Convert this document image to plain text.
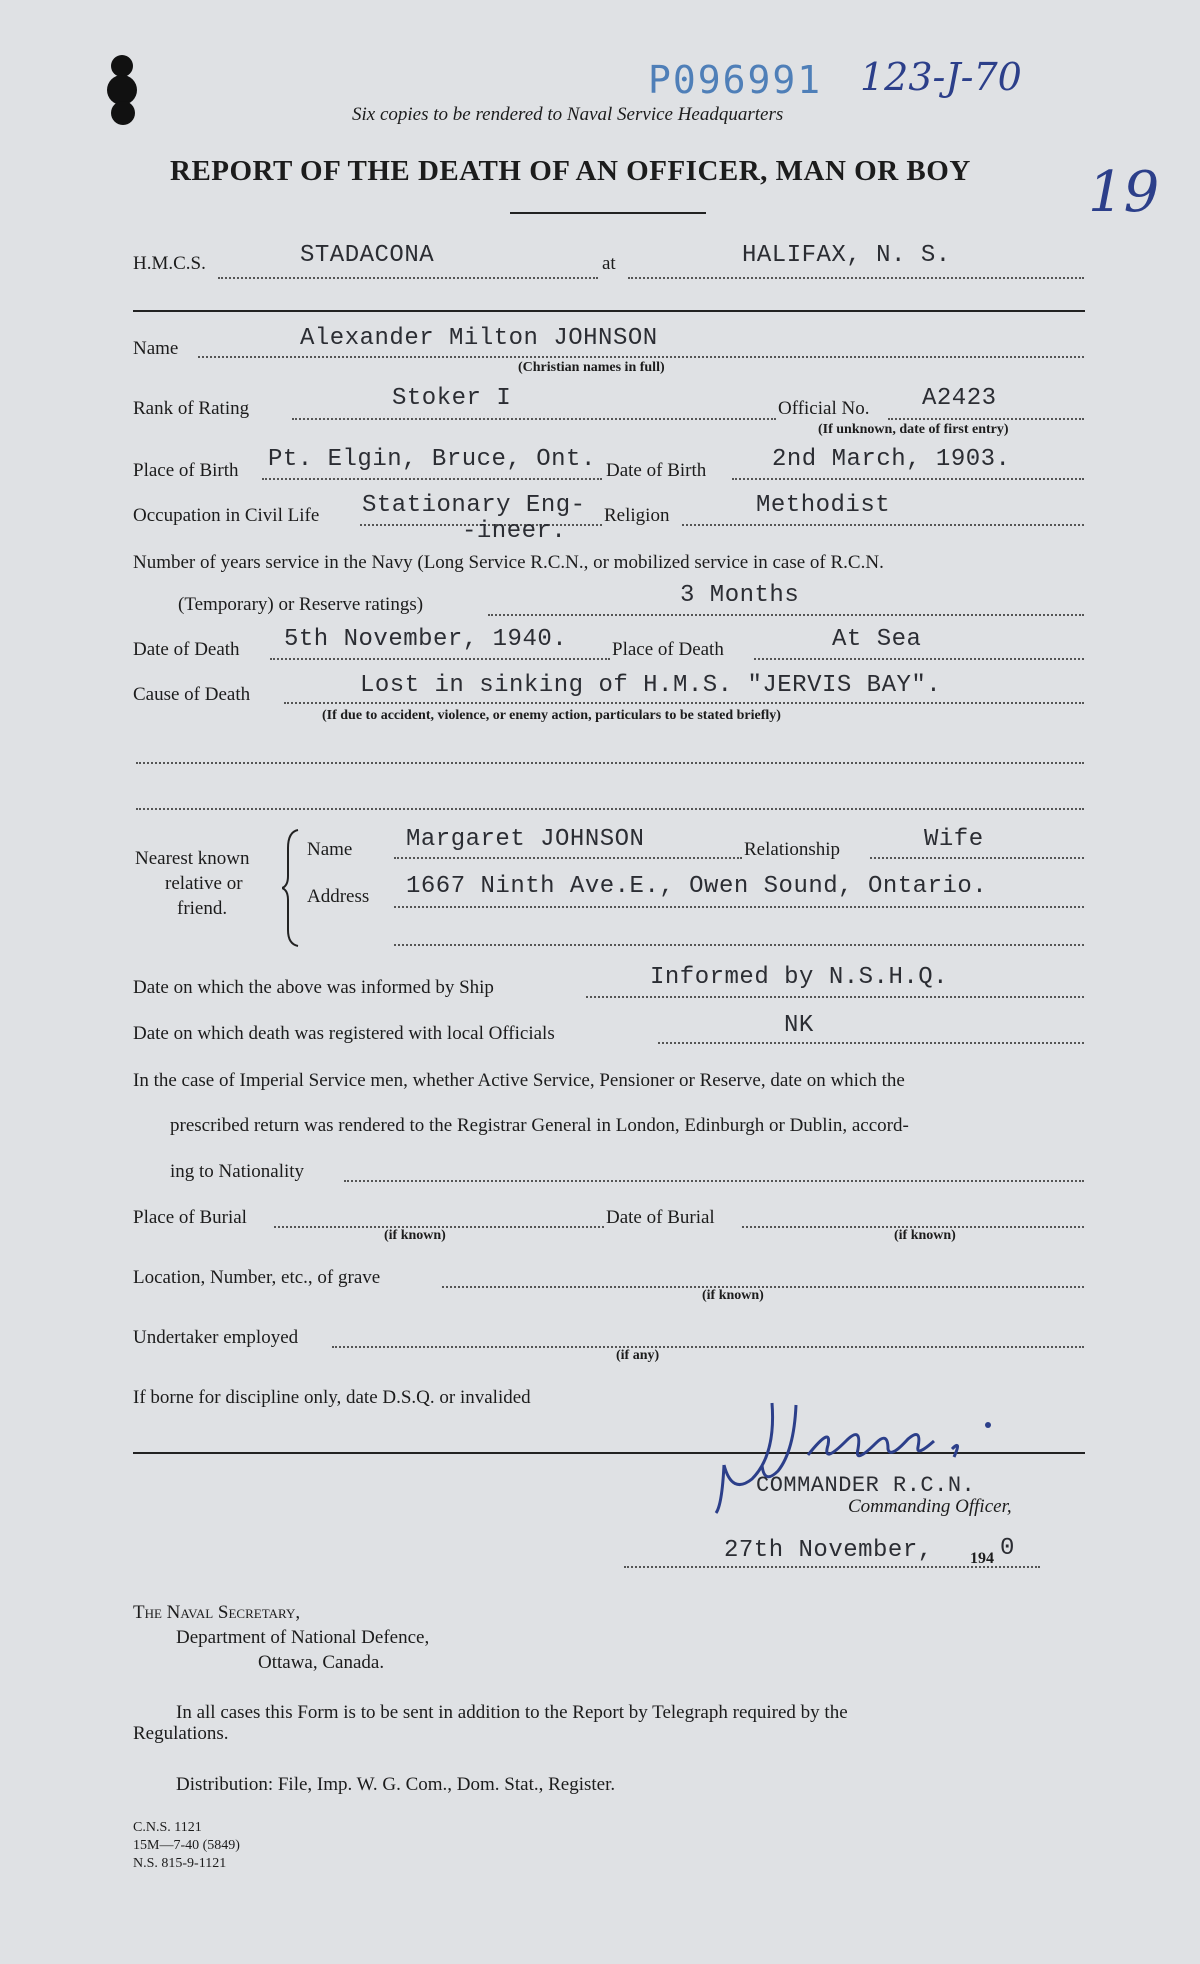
P096991 123-J-70
19
Six copies to be rendered to Naval Service Headquarters
REPORT OF THE DEATH OF AN OFFICER, MAN OR BOY
H.M.C.S.	STADACONA	at	HALIFAX, N. S.
Name	Alexander Milton JOHNSON
(Christian names in full)
Rank of Rating	Stoker I	Official No. A2423
(If unknown, date of first entry)
Place of Birth Pt. Elgin, Bruce, Ont. Date of Birth	2nd March, 1903.
Occupation in Civil Life Stationary Eng-
-ineer.
Religion	Methodist
Number of years service in the Navy (Long Service R.C.N., or mobilized service in case of R.C.N.
(Temporary) or Reserve ratings)	3 Months
Date of Death 5th November, 1940. Place of Death	At Sea
Cause of Death	Lost in sinking of H.M.S. "JERVIS BAY".
(If due to accident, violence, or enemy action, particulars to be stated briefly)
Nearest known
relative or
friend.
Name Margaret JOHNSON	Relationship	Wife
Address 1667 Ninth Ave.E., Owen Sound, Ontario.
Date on which the above was informed by Ship	Informed by N.S.H.Q.
Date on which death was registered with local Officials	NK
In the case of Imperial Service men, whether Active Service, Pensioner or Reserve, date on which the
prescribed return was rendered to the Registrar General in London, Edinburgh or Dublin, accord-
ing to Nationality
Place of Burial
(if known)
Date of Burial
(if known)
Location, Number, etc., of grave
(if known)
Undertaker employed
(if any)
If borne for discipline only, date D.S.Q. or invalided
COMMANDER R.C.N.
Commanding Officer,
27th November, 194 0
The Naval Secretary,
Department of National Defence,
Ottawa, Canada.
In all cases this Form is to be sent in addition to the Report by Telegraph required by the
Regulations.
Distribution: File, Imp. W. G. Com., Dom. Stat., Register.
C.N.S. 1121
15M—7-40 (5849)
N.S. 815-9-1121
